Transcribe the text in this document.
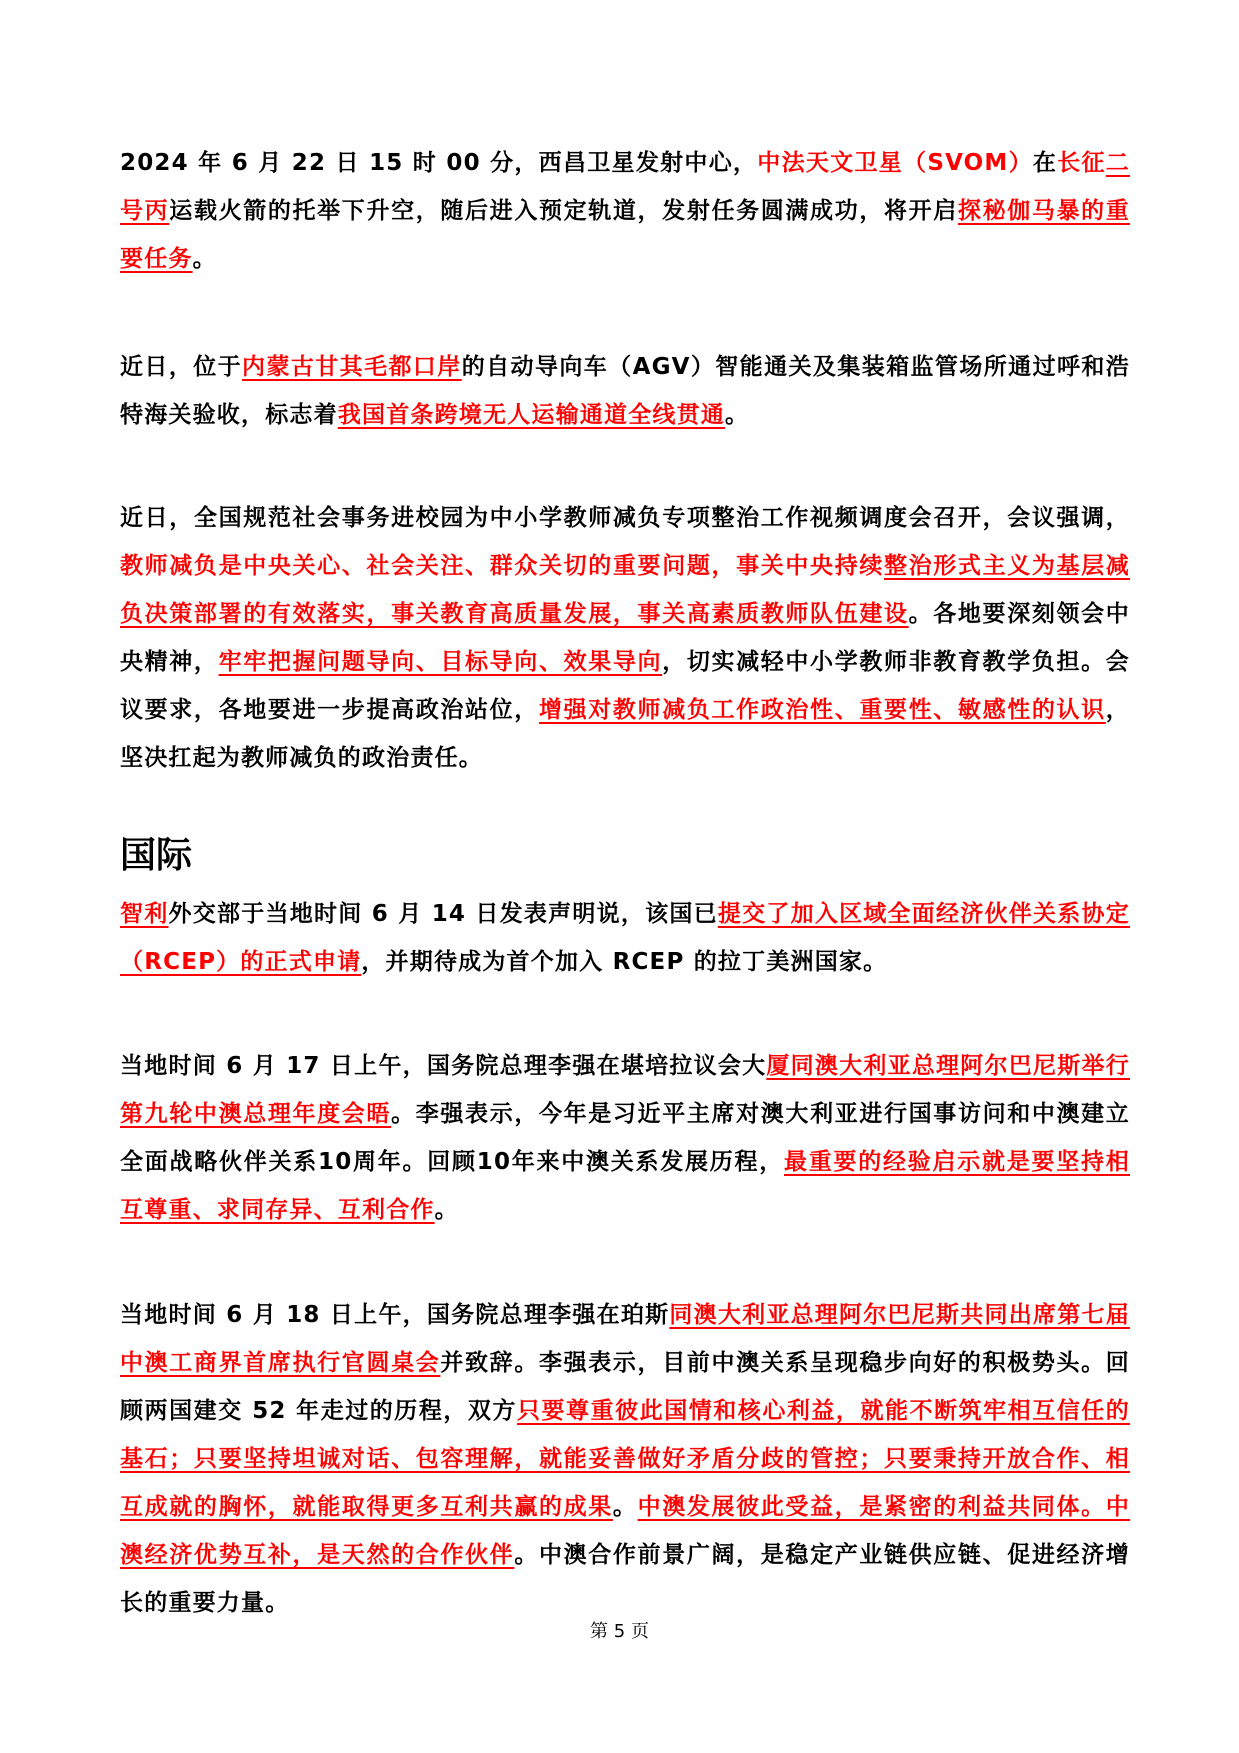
2024 年 6 月 22 日 15 时 00 分，西昌卫星发射中心，中法天文卫星（SVOM）在长征二号丙运载火箭的托举下升空，随后进入预定轨道，发射任务圆满成功，将开启探秘伽马暴的重要任务。

近日，位于内蒙古甘其毛都口岸的自动导向车（AGV）智能通关及集装箱监管场所通过呼和浩特海关验收，标志着我国首条跨境无人运输通道全线贯通。

近日，全国规范社会事务进校园为中小学教师减负专项整治工作视频调度会召开，会议强调，教师减负是中央关心、社会关注、群众关切的重要问题，事关中央持续整治形式主义为基层减负决策部署的有效落实，事关教育高质量发展，事关高素质教师队伍建设。各地要深刻领会中央精神，牢牢把握问题导向、目标导向、效果导向，切实减轻中小学教师非教育教学负担。会议要求，各地要进一步提高政治站位，增强对教师减负工作政治性、重要性、敏感性的认识，坚决扛起为教师减负的政治责任。

国际

智利外交部于当地时间 6 月 14 日发表声明说，该国已提交了加入区域全面经济伙伴关系协定（RCEP）的正式申请，并期待成为首个加入 RCEP 的拉丁美洲国家。

当地时间 6 月 17 日上午，国务院总理李强在堪培拉议会大厦同澳大利亚总理阿尔巴尼斯举行第九轮中澳总理年度会晤。李强表示，今年是习近平主席对澳大利亚进行国事访问和中澳建立全面战略伙伴关系10周年。回顾10年来中澳关系发展历程，最重要的经验启示就是要坚持相互尊重、求同存异、互利合作。

当地时间 6 月 18 日上午，国务院总理李强在珀斯同澳大利亚总理阿尔巴尼斯共同出席第七届中澳工商界首席执行官圆桌会并致辞。李强表示，目前中澳关系呈现稳步向好的积极势头。回顾两国建交 52 年走过的历程，双方只要尊重彼此国情和核心利益，就能不断筑牢相互信任的基石；只要坚持坦诚对话、包容理解，就能妥善做好矛盾分歧的管控；只要秉持开放合作、相互成就的胸怀，就能取得更多互利共赢的成果。中澳发展彼此受益，是紧密的利益共同体。中澳经济优势互补，是天然的合作伙伴。中澳合作前景广阔，是稳定产业链供应链、促进经济增长的重要力量。

第 5 页
